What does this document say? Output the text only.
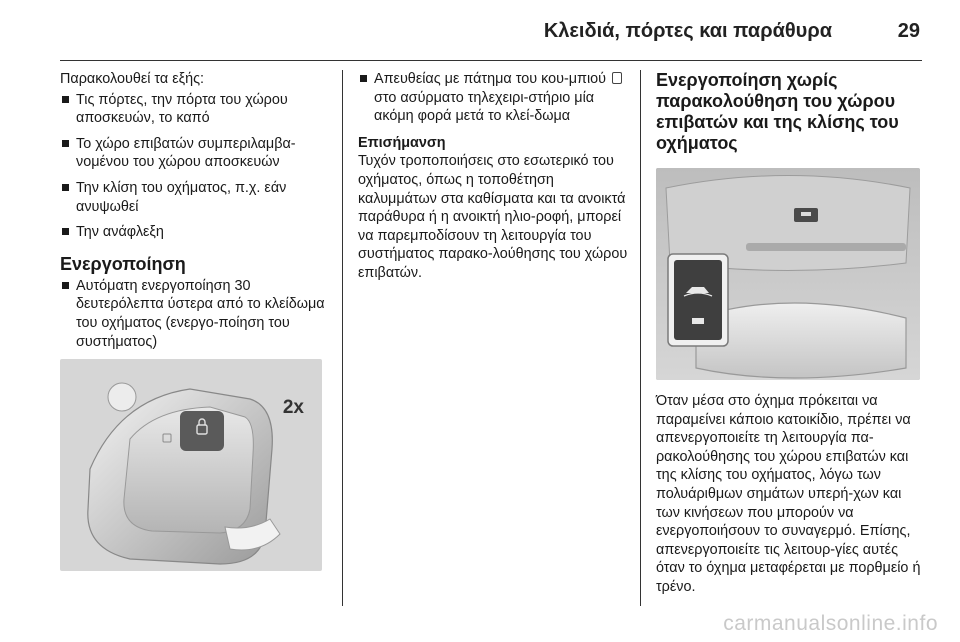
Κλειδιά, πόρτες και παράθυρα	29

Παρακολουθεί τα εξής:

Τις πόρτες, την πόρτα του χώρου αποσκευών, το καπό
Το χώρο επιβατών συμπεριλαμβα-νομένου του χώρου αποσκευών
Την κλίση του οχήματος, π.χ. εάν ανυψωθεί
Την ανάφλεξη
Ενεργοποίηση
Αυτόματη ενεργοποίηση 30 δευτερόλεπτα ύστερα από το κλείδωμα του οχήματος (ενεργο-ποίηση του συστήματος)
2x
Απευθείας με πάτημα του κου-μπιού  στο ασύρματο τηλεχειρι-στήριο μία ακόμη φορά μετά το κλεί-δωμα

Επισήμανση

Τυχόν τροποποιήσεις στο εσωτερικό του οχήματος, όπως η τοποθέτηση καλυμμάτων στα καθίσματα και τα ανοικτά παράθυρα ή η ανοικτή ηλιο-ροφή, μπορεί να παρεμποδίσουν τη λειτουργία του συστήματος παρακο-λούθησης του χώρου επιβατών.

Ενεργοποίηση χωρίς παρακολούθηση του χώρου επιβατών και της κλίσης του οχήματος

Όταν μέσα στο όχημα πρόκειται να παραμείνει κάποιο κατοικίδιο, πρέπει να απενεργοποιείτε τη λειτουργία πα-ρακολούθησης του χώρου επιβατών και της κλίσης του οχήματος, λόγω των πολυάριθμων σημάτων υπερή-χων και των κινήσεων που μπορούν να ενεργοποιήσουν το συναγερμό. Επίσης, απενεργοποιείτε τις λειτουρ-γίες αυτές όταν το όχημα μεταφέρεται με πορθμείο ή τρένο.

carmanualsonline.info
